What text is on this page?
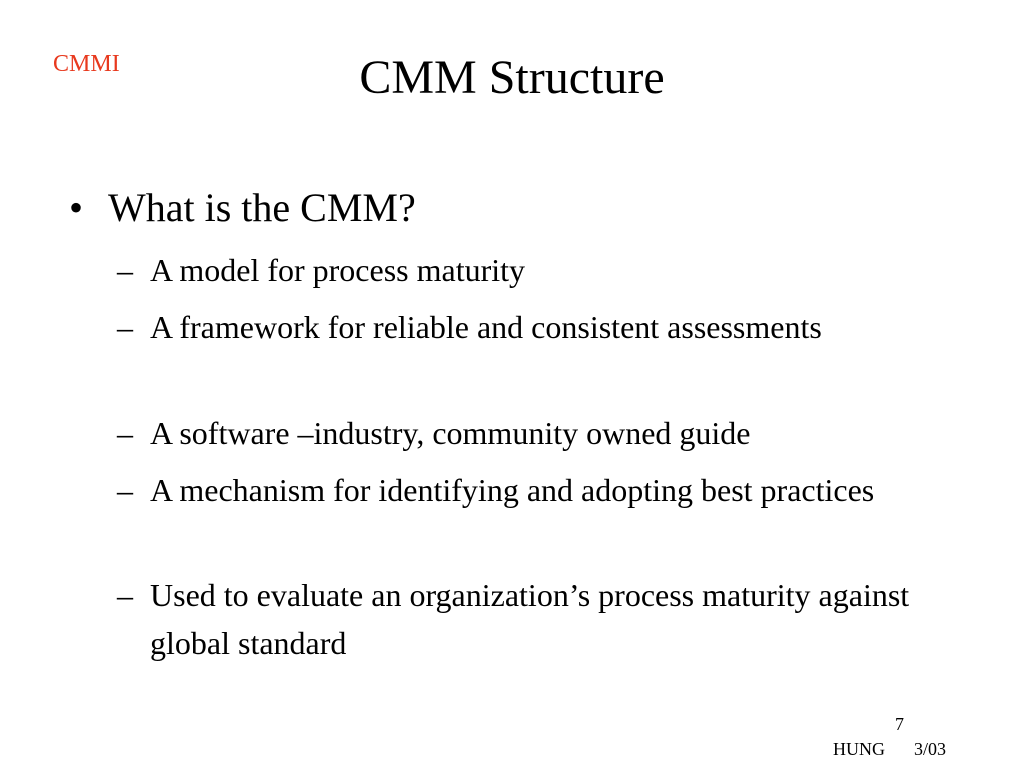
CMMI	CMM Structure
• What is the CMM?
– A model for process maturity
– A framework for reliable and consistent assessments
– A software –industry, community owned guide
– A mechanism for identifying and adopting best practices
– Used to evaluate an organization’s process maturity against global standard
7
HUNG 3/03
